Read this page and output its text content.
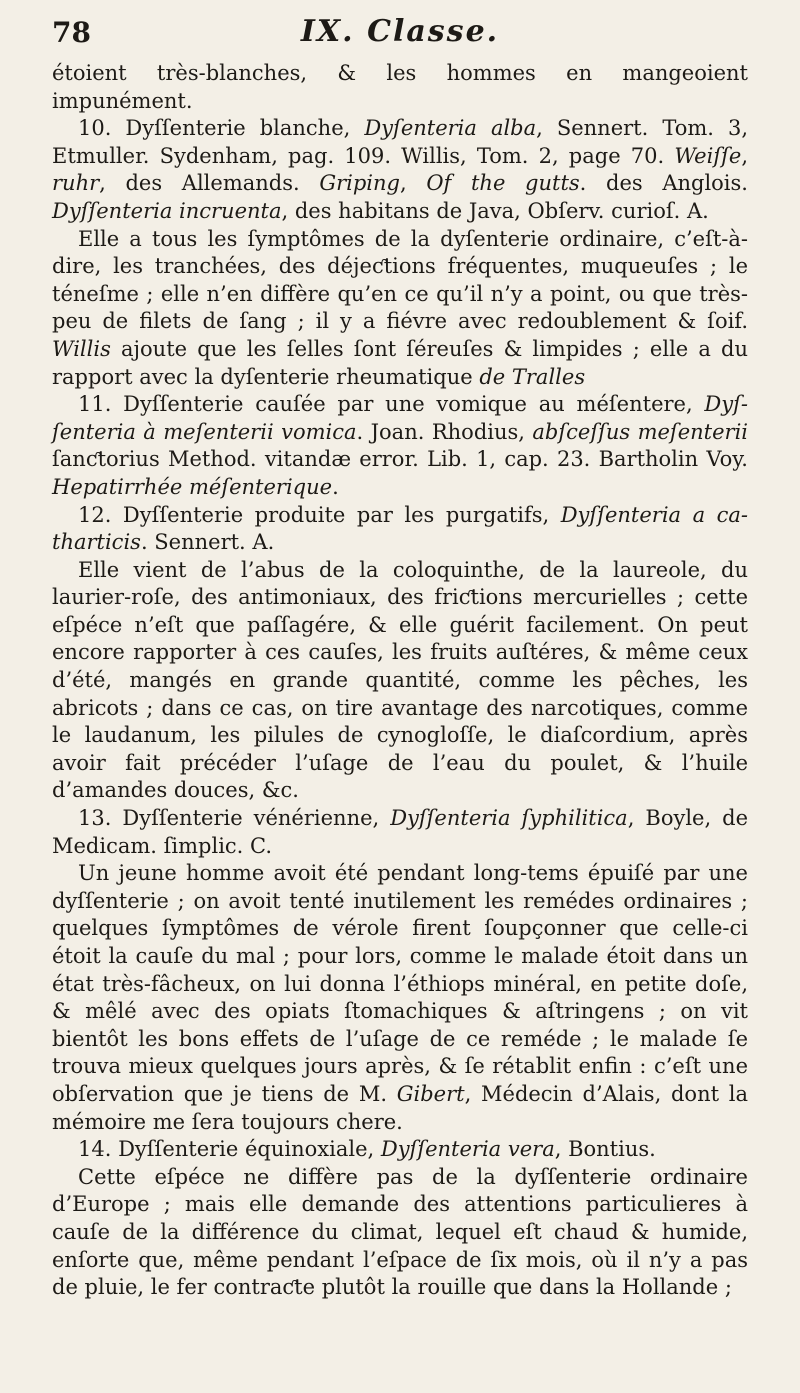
78	IX. Classe.

étoient très-blanches, & les hommes en mangeoient impunément.

10. Dyſſenterie blanche, Dyſenteria alba, Sennert. Tom. 3, Etmuller. Sydenham, pag. 109. Willis, Tom. 2, page 70. Weiſſe, ruhr, des Allemands. Griping, Of the gutts. des Anglois. Dyſſenteria incruenta, des habitans de Java, Obſerv. curioſ. A.

Elle a tous les ſymptômes de la dyſenterie ordinaire, c’eſt-à-dire, les tranchées, des déjeƈtions fréquentes, muqueuſes ; le téneſme ; elle n’en diffère qu’en ce qu’il n’y a point, ou que très-peu de filets de ſang ; il y a fiévre avec redoublement & ſoif. Willis ajoute que les ſelles ſont ſéreuſes & limpides ; elle a du rapport avec la dyſenterie rheumatique de Tralles

11. Dyſſenterie cauſée par une vomique au méſentere, Dyſ-ſenteria à meſenterii vomica. Joan. Rhodius, abſceſſus meſenterii ſanƈtorius Method. vitandæ error. Lib. 1, cap. 23. Bartholin Voy. Hepatirrhée méſenterique.

12. Dyſſenterie produite par les purgatifs, Dyſſenteria a ca-tharticis. Sennert. A.

Elle vient de l’abus de la coloquinthe, de la laureole, du laurier-roſe, des antimoniaux, des friƈtions mercurielles ; cette eſpéce n’eſt que paſſagére, & elle guérit facilement. On peut encore rapporter à ces cauſes, les fruits auſtéres, & même ceux d’été, mangés en grande quantité, comme les pêches, les abricots ; dans ce cas, on tire avantage des narcotiques, comme le laudanum, les pilules de cynogloſſe, le diaſcordium, après avoir fait précéder l’uſage de l’eau du poulet, & l’huile d’amandes douces, &c.

13. Dyſſenterie vénérienne, Dyſſenteria ſyphilitica, Boyle, de Medicam. ſimplic. C.

Un jeune homme avoit été pendant long-tems épuiſé par une dyſſenterie ; on avoit tenté inutilement les remédes ordinaires ; quelques ſymptômes de vérole firent ſoupçonner que celle-ci étoit la cauſe du mal ; pour lors, comme le malade étoit dans un état très-fâcheux, on lui donna l’éthiops minéral, en petite doſe, & mêlé avec des opiats ſtomachiques & aſtringens ; on vit bientôt les bons effets de l’uſage de ce reméde ; le malade ſe trouva mieux quelques jours après, & ſe rétablit enfin : c’eſt une obſervation que je tiens de M. Gibert, Médecin d’Alais, dont la mémoire me ſera toujours chere.

14. Dyſſenterie équinoxiale, Dyſſenteria vera, Bontius.

Cette eſpéce ne diffère pas de la dyſſenterie ordinaire d’Europe ; mais elle demande des attentions particulieres à cauſe de la différence du climat, lequel eſt chaud & humide, enſorte que, même pendant l’eſpace de ſix mois, où il n’y a pas de pluie, le fer contraƈte plutôt la rouille que dans la Hollande ;
